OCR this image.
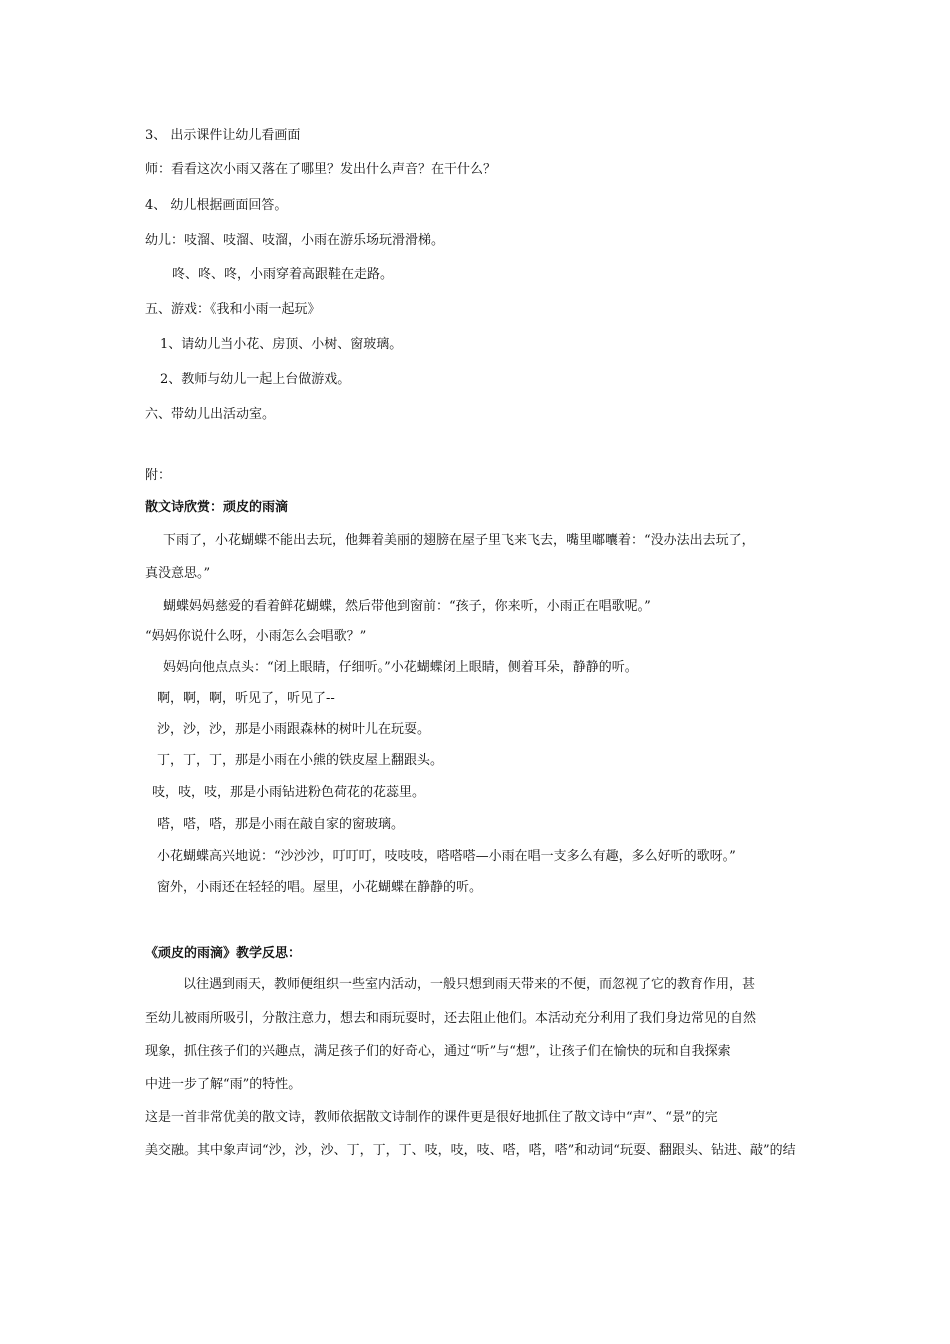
3、 出示课件让幼儿看画面
师：看看这次小雨又落在了哪里？发出什么声音？在干什么？
4、 幼儿根据画面回答。
幼儿：吱溜、吱溜、吱溜，小雨在游乐场玩滑滑梯。
咚、咚、咚，小雨穿着高跟鞋在走路。
五、游戏：《我和小雨一起玩》
1、请幼儿当小花、房顶、小树、窗玻璃。
2、教师与幼儿一起上台做游戏。
六、带幼儿出活动室。
附：
散文诗欣赏：顽皮的雨滴
下雨了，小花蝴蝶不能出去玩，他舞着美丽的翅膀在屋子里飞来飞去，嘴里嘟囔着：“没办法出去玩了，
真没意思。”
蝴蝶妈妈慈爱的看着鲜花蝴蝶，然后带他到窗前：“孩子，你来听，小雨正在唱歌呢。”
“妈妈你说什么呀，小雨怎么会唱歌？”
妈妈向他点点头：“闭上眼睛，仔细听。”小花蝴蝶闭上眼睛，侧着耳朵，静静的听。
啊，啊，啊，听见了，听见了--
沙，沙，沙，那是小雨跟森林的树叶儿在玩耍。
丁，丁，丁，那是小雨在小熊的铁皮屋上翻跟头。
吱，吱，吱，那是小雨钻进粉色荷花的花蕊里。
嗒，嗒，嗒，那是小雨在敲自家的窗玻璃。
小花蝴蝶高兴地说：“沙沙沙，叮叮叮，吱吱吱，嗒嗒嗒—小雨在唱一支多么有趣，多么好听的歌呀。”
窗外，小雨还在轻轻的唱。屋里，小花蝴蝶在静静的听。
《顽皮的雨滴》教学反思：
以往遇到雨天，教师便组织一些室内活动，一般只想到雨天带来的不便，而忽视了它的教育作用，甚
至幼儿被雨所吸引，分散注意力，想去和雨玩耍时，还去阻止他们。本活动充分利用了我们身边常见的自然
现象，抓住孩子们的兴趣点，满足孩子们的好奇心，通过“听”与“想”，让孩子们在愉快的玩和自我探索
中进一步了解“雨”的特性。
这是一首非常优美的散文诗，教师依据散文诗制作的课件更是很好地抓住了散文诗中“声”、“景”的完
美交融。其中象声词“沙，沙，沙、丁，丁，丁、吱，吱，吱、嗒，嗒，嗒”和动词“玩耍、翻跟头、钻进、敲”的结
